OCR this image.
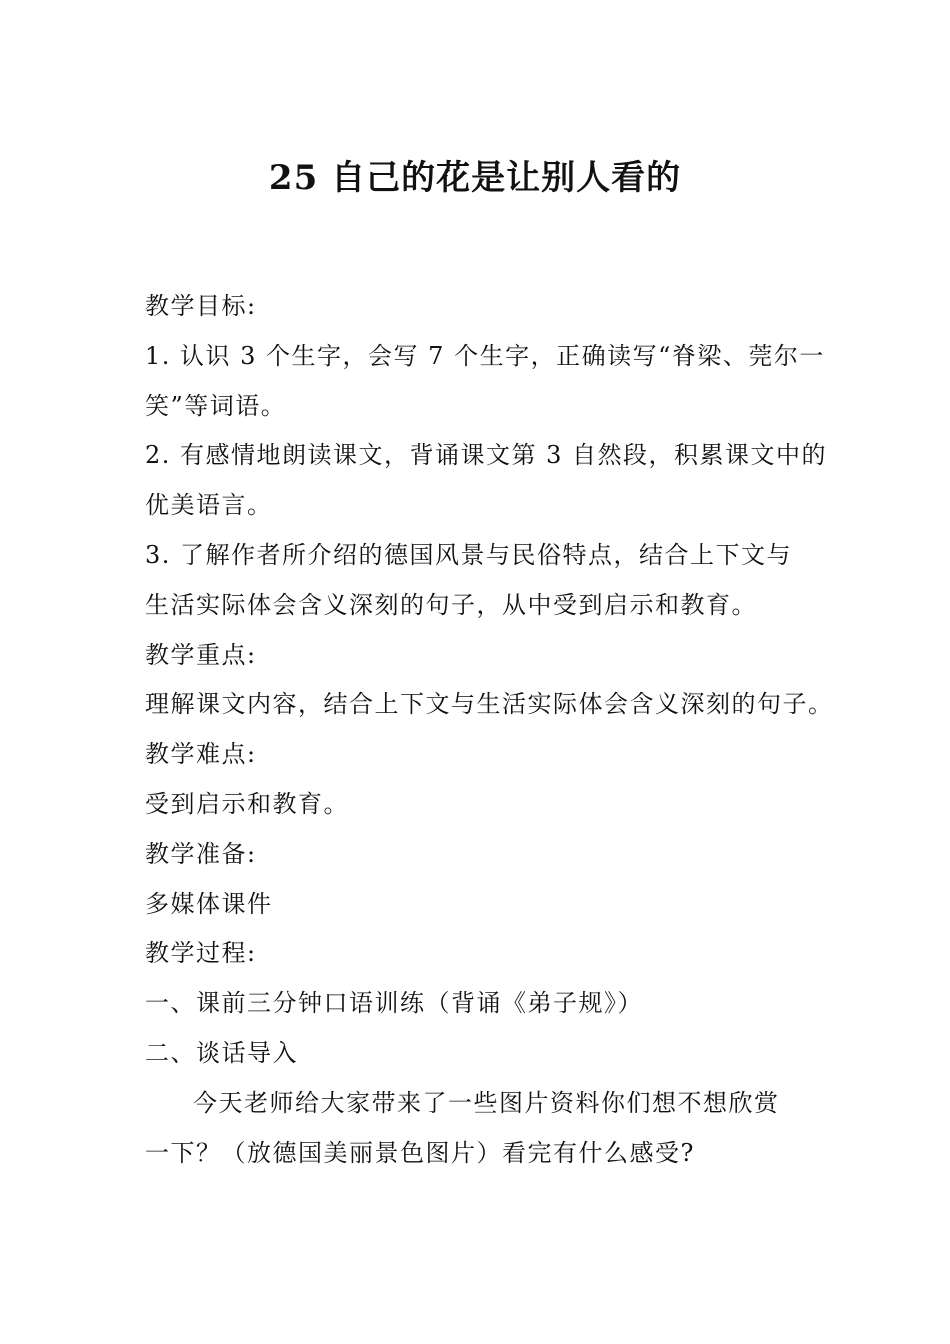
25 自己的花是让别人看的
教学目标:
1. 认识 3 个生字，会写 7 个生字，正确读写“脊梁、莞尔一
笑”等词语。
2. 有感情地朗读课文，背诵课文第 3 自然段，积累课文中的
优美语言。
3. 了解作者所介绍的德国风景与民俗特点，结合上下文与
生活实际体会含义深刻的句子，从中受到启示和教育。
教学重点:
理解课文内容，结合上下文与生活实际体会含义深刻的句子。
教学难点:
受到启示和教育。
教学准备:
多媒体课件
教学过程:
一、课前三分钟口语训练（背诵《弟子规》）
二、谈话导入
今天老师给大家带来了一些图片资料你们想不想欣赏
一下？（放德国美丽景色图片）看完有什么感受?
